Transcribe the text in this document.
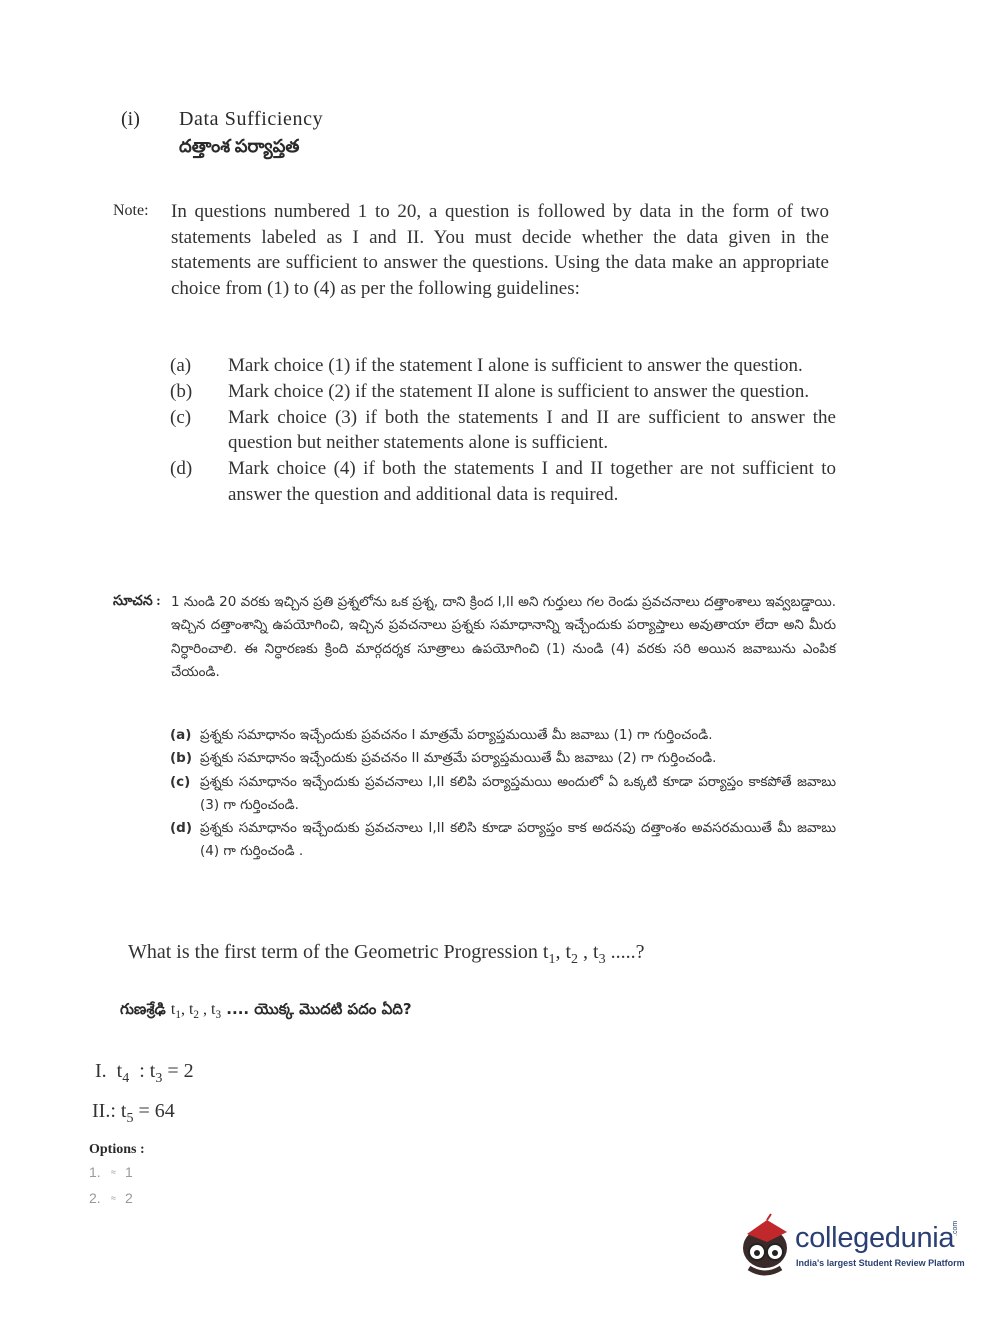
(i) Data Sufficiency
దత్తాంశ పర్యాప్తత
Note: In questions numbered 1 to 20, a question is followed by data in the form of two statements labeled as I and II. You must decide whether the data given in the statements are sufficient to answer the questions. Using the data make an appropriate choice from (1) to (4) as per the following guidelines:
(a)	Mark choice (1) if the statement I alone is sufficient to answer the question.
(b)	Mark choice (2) if the statement II alone is sufficient to answer the question.
(c)	Mark choice (3) if both the statements I and II are sufficient to answer the question but neither statements alone is sufficient.
(d)	Mark choice (4) if both the statements I and II together are not sufficient to answer the question and additional data is required.
సూచన : 1 నుండి 20 వరకు ఇచ్చిన ప్రతి ప్రశ్నలోను ఒక ప్రశ్న, దాని క్రింద I,II అని గుర్తులు గల రెండు ప్రవచనాలు దత్తాంశాలు ఇవ్వబడ్డాయి. ఇచ్చిన దత్తాంశాన్ని ఉపయోగించి, ఇచ్చిన ప్రవచనాలు ప్రశ్నకు సమాధానాన్ని ఇచ్చేందుకు పర్యాప్తాలు అవుతాయా లేదా అని మీరు నిర్ధారించాలి. ఈ నిర్ధారణకు క్రింది మార్గదర్శక సూత్రాలు ఉపయోగించి (1) నుండి (4) వరకు సరి అయిన జవాబును ఎంపిక చేయండి.
(a) ప్రశ్నకు సమాధానం ఇచ్చేందుకు ప్రవచనం I మాత్రమే పర్యాప్తమయితే మీ జవాబు (1) గా గుర్తించండి.
(b) ప్రశ్నకు సమాధానం ఇచ్చేందుకు ప్రవచనం II మాత్రమే పర్యాప్తమయితే మీ జవాబు (2) గా గుర్తించండి.
(c) ప్రశ్నకు సమాధానం ఇచ్చేందుకు ప్రవచనాలు I,II కలిపి పర్యాప్తమయి అందులో ఏ ఒక్కటి కూడా పర్యాప్తం కాకపోతే జవాబు (3) గా గుర్తించండి.
(d) ప్రశ్నకు సమాధానం ఇచ్చేందుకు ప్రవచనాలు I,II కలిసి కూడా పర్యాప్తం కాక అదనపు దత్తాంశం అవసరమయితే మీ జవాబు (4) గా గుర్తించండి .
What is the first term of the Geometric Progression $t_1$, $t_2$ , $t_3$ .....?
గుణశ్రేఢి $t_1$, $t_2$ , $t_3$ .... యొక్క మొదటి పదం ఏది?
I.  $t_4$  : $t_3 = 2$
II.: $t_5 = 64$
Options :
1. ≈ 1
2. ≈ 2
collegedunia
.com
India's largest Student Review Platform
